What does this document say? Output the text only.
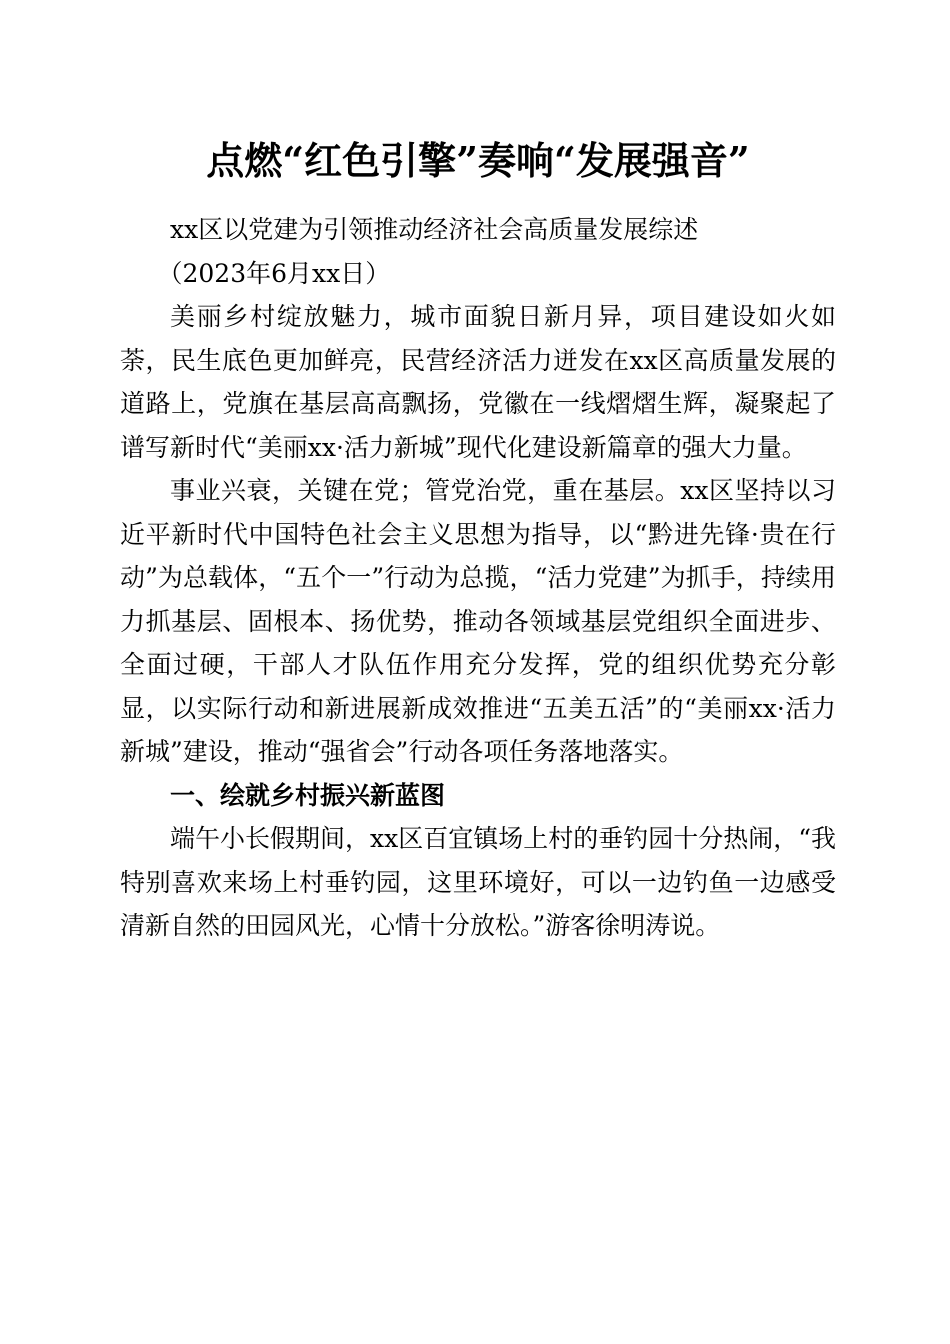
点燃“红色引擎”奏响“发展强音”

xx区以党建为引领推动经济社会高质量发展综述

（2023年6月xx日）

美丽乡村绽放魅力，城市面貌日新月异，项目建设如火如荼，民生底色更加鲜亮，民营经济活力迸发在xx区高质量发展的道路上，党旗在基层高高飘扬，党徽在一线熠熠生辉，凝聚起了谱写新时代“美丽xx·活力新城”现代化建设新篇章的强大力量。

事业兴衰，关键在党；管党治党，重在基层。xx区坚持以习近平新时代中国特色社会主义思想为指导，以“黔进先锋·贵在行动”为总载体，“五个一”行动为总揽，“活力党建”为抓手，持续用力抓基层、固根本、扬优势，推动各领域基层党组织全面进步、全面过硬，干部人才队伍作用充分发挥，党的组织优势充分彰显，以实际行动和新进展新成效推进“五美五活”的“美丽xx·活力新城”建设，推动“强省会”行动各项任务落地落实。

一、绘就乡村振兴新蓝图

端午小长假期间，xx区百宜镇场上村的垂钓园十分热闹，“我特别喜欢来场上村垂钓园，这里环境好，可以一边钓鱼一边感受清新自然的田园风光，心情十分放松。”游客徐明涛说。
